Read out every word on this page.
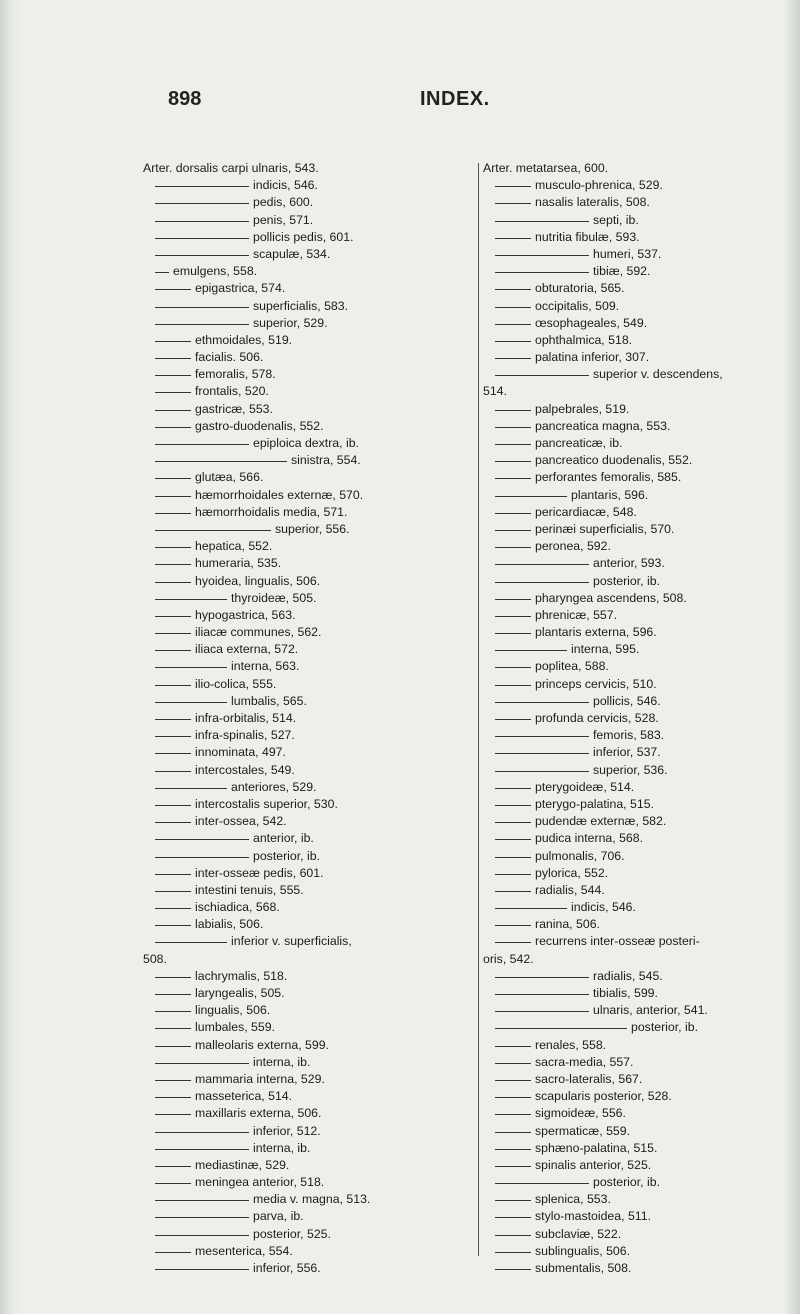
898	INDEX.
Arter. dorsalis carpi ulnaris, 543.
indicis, 546.
pedis, 600.
penis, 571.
pollicis pedis, 601.
scapulæ, 534.
emulgens, 558.
epigastrica, 574.
superficialis, 583.
superior, 529.
ethmoidales, 519.
facialis. 506.
femoralis, 578.
frontalis, 520.
gastricæ, 553.
gastro-duodenalis, 552.
epiploica dextra, ib.
sinistra, 554.
glutæa, 566.
hæmorrhoidales externæ, 570.
hæmorrhoidalis media, 571.
superior, 556.
hepatica, 552.
humeraria, 535.
hyoidea, lingualis, 506.
thyroideæ, 505.
hypogastrica, 563.
iliacæ communes, 562.
iliaca externa, 572.
interna, 563.
ilio-colica, 555.
lumbalis, 565.
infra-orbitalis, 514.
infra-spinalis, 527.
innominata, 497.
intercostales, 549.
anteriores, 529.
intercostalis superior, 530.
inter-ossea, 542.
anterior, ib.
posterior, ib.
inter-osseæ pedis, 601.
intestini tenuis, 555.
ischiadica, 568.
labialis, 506.
inferior v. superficialis,
508.
lachrymalis, 518.
laryngealis, 505.
lingualis, 506.
lumbales, 559.
malleolaris externa, 599.
interna, ib.
mammaria interna, 529.
masseterica, 514.
maxillaris externa, 506.
inferior, 512.
interna, ib.
mediastinæ, 529.
meningea anterior, 518.
media v. magna, 513.
parva, ib.
posterior, 525.
mesenterica, 554.
inferior, 556.
Arter. metatarsea, 600.
musculo-phrenica, 529.
nasalis lateralis, 508.
septi, ib.
nutritia fibulæ, 593.
humeri, 537.
tibiæ, 592.
obturatoria, 565.
occipitalis, 509.
œsophageales, 549.
ophthalmica, 518.
palatina inferior, 307.
superior v. descendens,
514.
palpebrales, 519.
pancreatica magna, 553.
pancreaticæ, ib.
pancreatico duodenalis, 552.
perforantes femoralis, 585.
plantaris, 596.
pericardiacæ, 548.
perinæi superficialis, 570.
peronea, 592.
anterior, 593.
posterior, ib.
pharyngea ascendens, 508.
phrenicæ, 557.
plantaris externa, 596.
interna, 595.
poplitea, 588.
princeps cervicis, 510.
pollicis, 546.
profunda cervicis, 528.
femoris, 583.
inferior, 537.
superior, 536.
pterygoideæ, 514.
pterygo-palatina, 515.
pudendæ externæ, 582.
pudica interna, 568.
pulmonalis, 706.
pylorica, 552.
radialis, 544.
indicis, 546.
ranina, 506.
recurrens inter-osseæ posteri-
oris, 542.
radialis, 545.
tibialis, 599.
ulnaris, anterior, 541.
posterior, ib.
renales, 558.
sacra-media, 557.
sacro-lateralis, 567.
scapularis posterior, 528.
sigmoideæ, 556.
spermaticæ, 559.
sphæno-palatina, 515.
spinalis anterior, 525.
posterior, ib.
splenica, 553.
stylo-mastoidea, 511.
subclaviæ, 522.
sublingualis, 506.
submentalis, 508.
